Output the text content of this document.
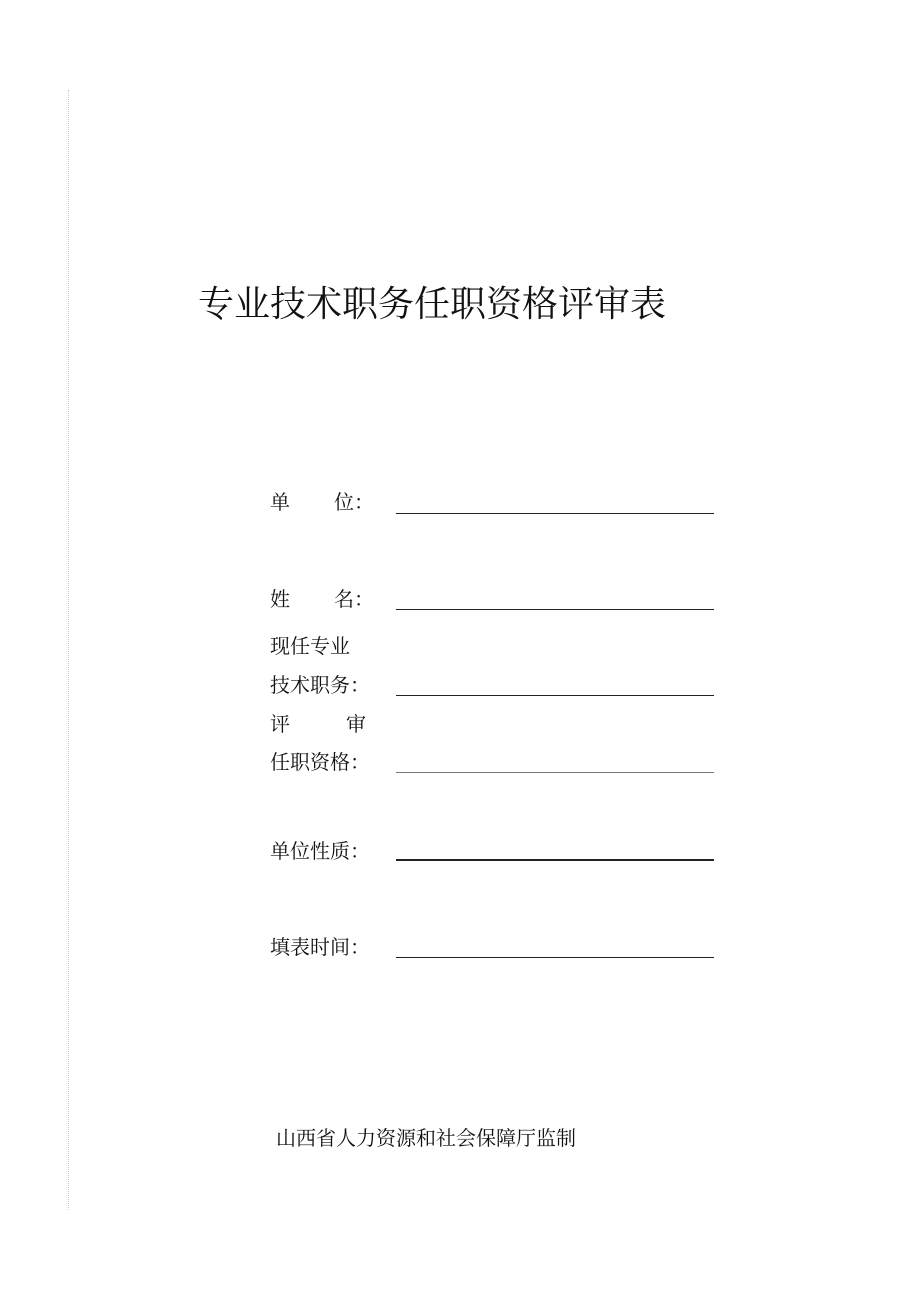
专业技术职务任职资格评审表
单 位：
姓 名：
现任专业
技术职务：
评	审
任职资格：
单位性质：
填表时间：
山西省人力资源和社会保障厅监制
